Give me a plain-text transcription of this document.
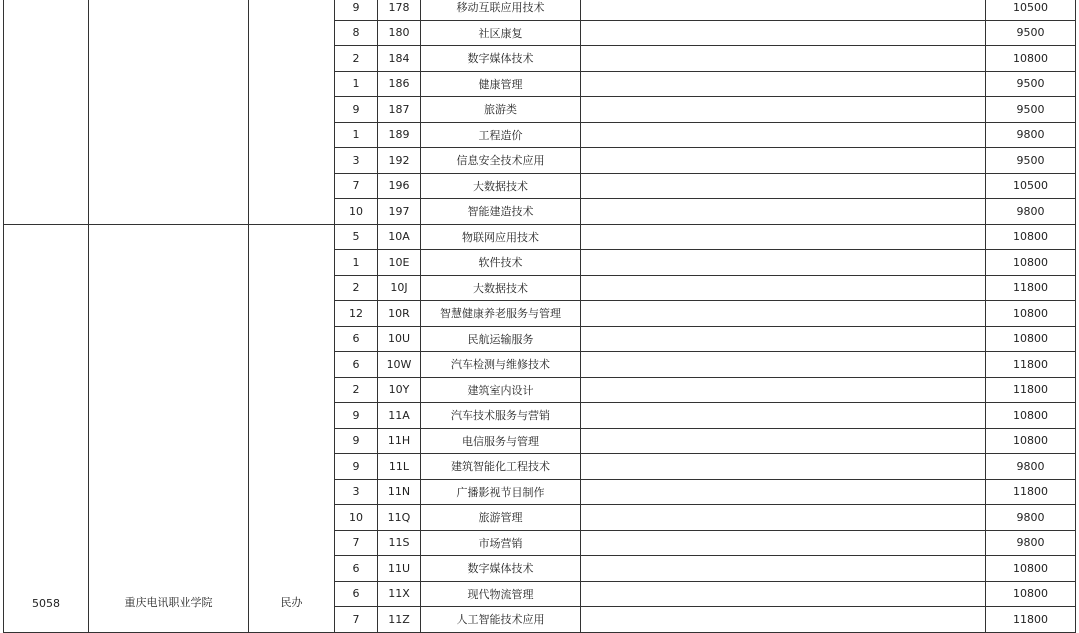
			9	178	移动互联应用技术		10500
			8	180	社区康复		9500
			2	184	数字媒体技术		10800
			1	186	健康管理		9500
			9	187	旅游类		9500
			1	189	工程造价		9800
			3	192	信息安全技术应用		9500
			7	196	大数据技术		10500
			10	197	智能建造技术		9800
5058	重庆电讯职业学院	民办	5	10A	物联网应用技术		10800
			1	10E	软件技术		10800
			2	10J	大数据技术		11800
			12	10R	智慧健康养老服务与管理		10800
			6	10U	民航运输服务		10800
			6	10W	汽车检测与维修技术		11800
			2	10Y	建筑室内设计		11800
			9	11A	汽车技术服务与营销		10800
			9	11H	电信服务与管理		10800
			9	11L	建筑智能化工程技术		9800
			3	11N	广播影视节目制作		11800
			10	11Q	旅游管理		9800
			7	11S	市场营销		9800
			6	11U	数字媒体技术		10800
			6	11X	现代物流管理		10800
			7	11Z	人工智能技术应用		11800
